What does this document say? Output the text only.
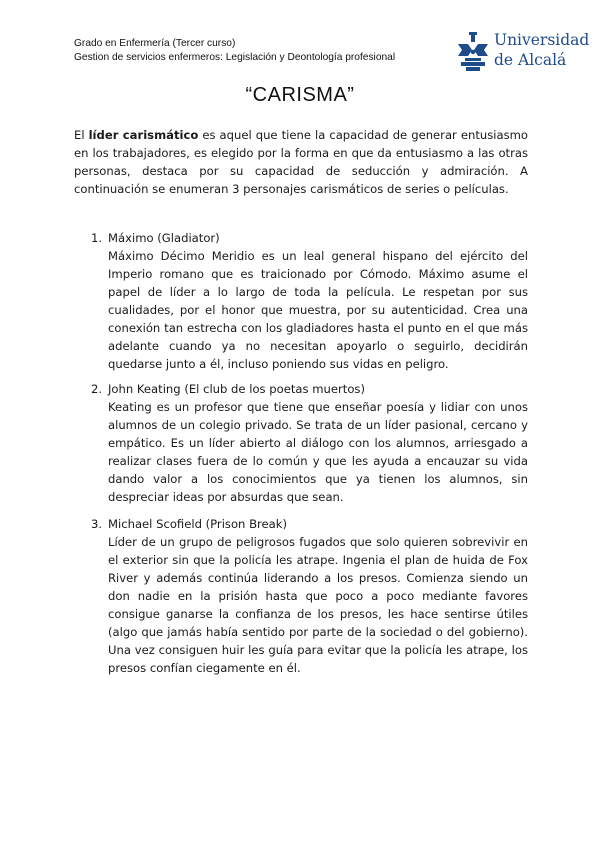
Grado en Enfermería (Tercer curso)
Gestion de servicios enfermeros: Legislación y Deontología profesional
Universidad
de Alcalá
“CARISMA”
El líder carismático es aquel que tiene la capacidad de generar entusiasmo en los trabajadores, es elegido por la forma en que da entusiasmo a las otras personas, destaca por su capacidad de seducción y admiración. A continuación se enumeran 3 personajes carismáticos de series o películas.
1. Máximo (Gladiator)
Máximo Décimo Meridio es un leal general hispano del ejército del Imperio romano que es traicionado por Cómodo. Máximo asume el papel de líder a lo largo de toda la película. Le respetan por sus cualidades, por el honor que muestra, por su autenticidad. Crea una conexión tan estrecha con los gladiadores hasta el punto en el que más adelante cuando ya no necesitan apoyarlo o seguirlo, decidirán quedarse junto a él, incluso poniendo sus vidas en peligro.
2. John Keating (El club de los poetas muertos)
Keating es un profesor que tiene que enseñar poesía y lidiar con unos alumnos de un colegio privado. Se trata de un líder pasional, cercano y empático. Es un líder abierto al diálogo con los alumnos, arriesgado a realizar clases fuera de lo común y que les ayuda a encauzar su vida dando valor a los conocimientos que ya tienen los alumnos, sin despreciar ideas por absurdas que sean.
3. Michael Scofield (Prison Break)
Líder de un grupo de peligrosos fugados que solo quieren sobrevivir en el exterior sin que la policía les atrape. Ingenia el plan de huida de Fox River y además continúa liderando a los presos. Comienza siendo un don nadie en la prisión hasta que poco a poco mediante favores consigue ganarse la confianza de los presos, les hace sentirse útiles (algo que jamás había sentido por parte de la sociedad o del gobierno). Una vez consiguen huir les guía para evitar que la policía les atrape, los presos confían ciegamente en él.
